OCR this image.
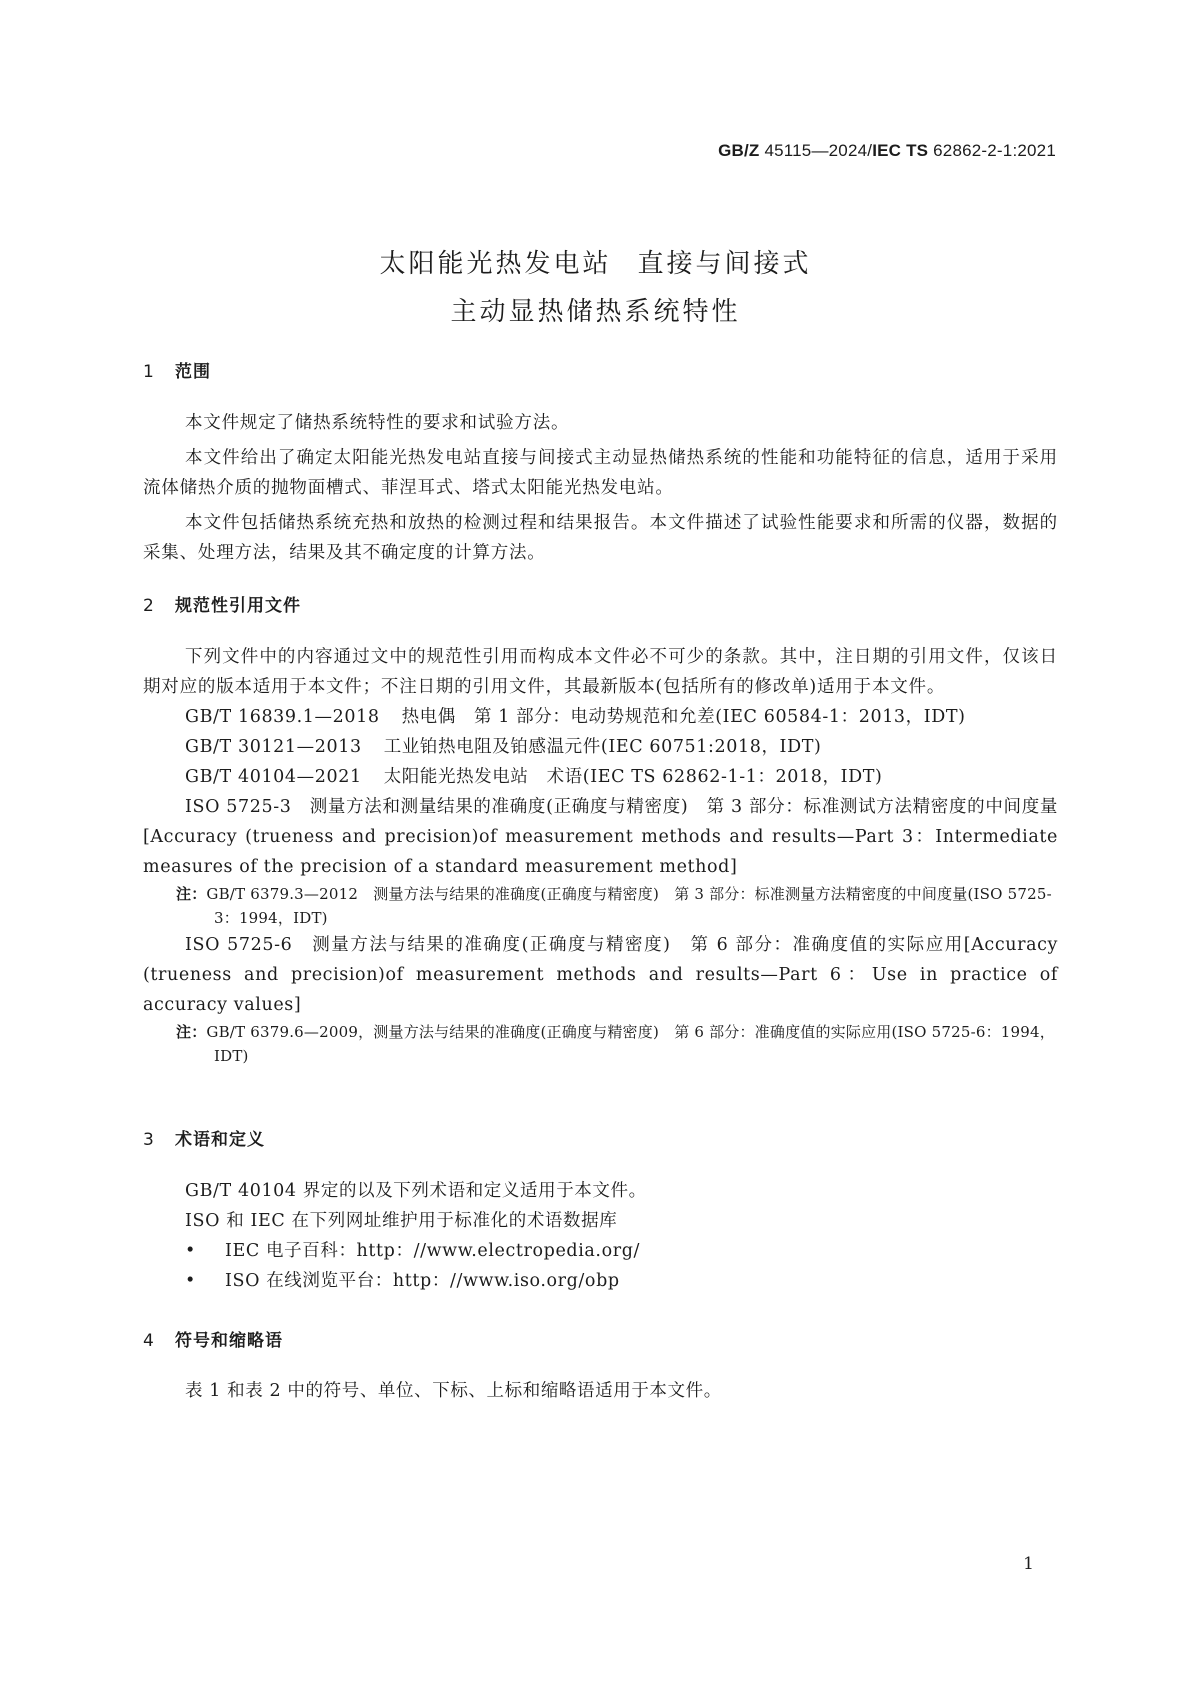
GB/Z 45115—2024/IEC TS 62862-2-1:2021
太阳能光热发电站 直接与间接式
主动显热储热系统特性
1 范围

本文件规定了储热系统特性的要求和试验方法。

本文件给出了确定太阳能光热发电站直接与间接式主动显热储热系统的性能和功能特征的信息，适用于采用流体储热介质的抛物面槽式、菲涅耳式、塔式太阳能光热发电站。

本文件包括储热系统充热和放热的检测过程和结果报告。本文件描述了试验性能要求和所需的仪器，数据的采集、处理方法，结果及其不确定度的计算方法。

2 规范性引用文件

下列文件中的内容通过文中的规范性引用而构成本文件必不可少的条款。其中，注日期的引用文件，仅该日期对应的版本适用于本文件；不注日期的引用文件，其最新版本(包括所有的修改单)适用于本文件。

GB/T 16839.1—2018 热电偶　第 1 部分：电动势规范和允差(IEC 60584-1：2013，IDT)

GB/T 30121—2013 工业铂热电阻及铂感温元件(IEC 60751:2018，IDT)

GB/T 40104—2021 太阳能光热发电站　术语(IEC TS 62862-1-1：2018，IDT)

ISO 5725-3　测量方法和测量结果的准确度(正确度与精密度)　第 3 部分：标准测试方法精密度的中间度量[Accuracy (trueness and precision)of measurement methods and results—Part 3：Intermediate measures of the precision of a standard measurement method]

注：GB/T 6379.3—2012　测量方法与结果的准确度(正确度与精密度)　第 3 部分：标准测量方法精密度的中间度量(ISO 5725-3：1994，IDT)

ISO 5725-6　测量方法与结果的准确度(正确度与精密度)　第 6 部分：准确度值的实际应用[Accuracy (trueness and precision)of measurement methods and results—Part 6：Use in practice of accuracy values]

注：GB/T 6379.6—2009，测量方法与结果的准确度(正确度与精密度)　第 6 部分：准确度值的实际应用(ISO 5725-6：1994，IDT)

3 术语和定义

GB/T 40104 界定的以及下列术语和定义适用于本文件。

ISO 和 IEC 在下列网址维护用于标准化的术语数据库

• IEC 电子百科：http：//www.electropedia.org/

• ISO 在线浏览平台：http：//www.iso.org/obp

4 符号和缩略语

表 1 和表 2 中的符号、单位、下标、上标和缩略语适用于本文件。

1
